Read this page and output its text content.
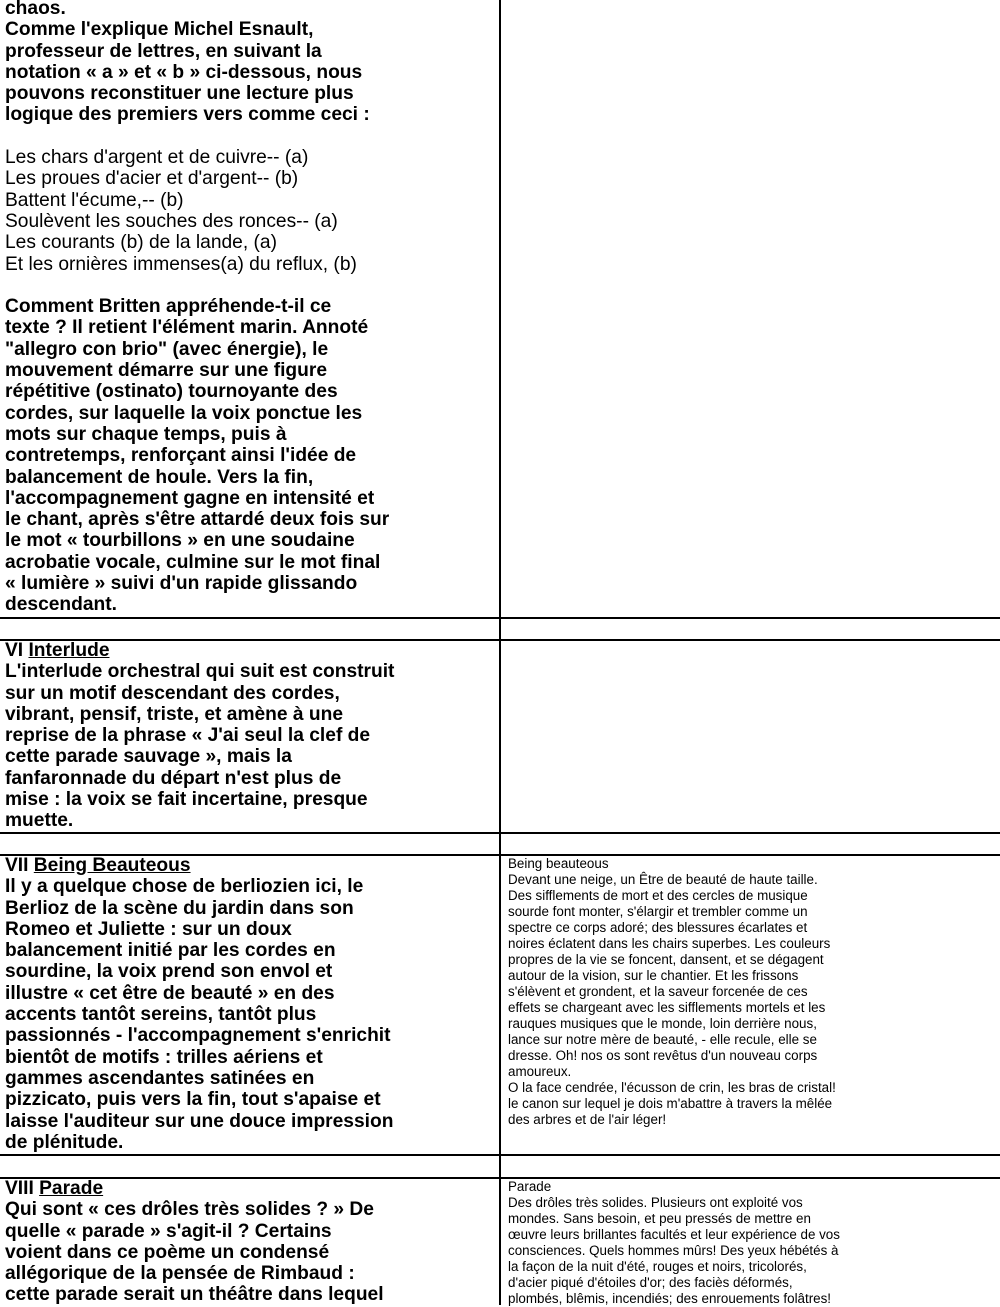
chaos.

Comme l'explique Michel Esnault,

professeur de lettres, en suivant la

notation « a » et « b » ci-dessous, nous

pouvons reconstituer une lecture plus

logique des premiers vers comme ceci :

Les chars d'argent et de cuivre-- (a)

Les proues d'acier et d'argent-- (b)

Battent l'écume,-- (b)

Soulèvent les souches des ronces-- (a)

Les courants (b) de la lande, (a)

Et les ornières immenses(a) du reflux, (b)

Comment Britten appréhende-t-il ce

texte ? Il retient l'élément marin. Annoté

"allegro con brio" (avec énergie), le

mouvement démarre sur une figure

répétitive (ostinato) tournoyante des

cordes, sur laquelle la voix ponctue les

mots sur chaque temps, puis à

contretemps, renforçant ainsi l'idée de

balancement de houle. Vers la fin,

l'accompagnement gagne en intensité et

le chant, après s'être attardé deux fois sur

le mot « tourbillons » en une soudaine

acrobatie vocale, culmine sur le mot final

« lumière » suivi d'un rapide glissando

descendant.

VI Interlude

L'interlude orchestral qui suit est construit

sur un motif descendant des cordes,

vibrant, pensif, triste, et amène à une

reprise de la phrase « J'ai seul la clef de

cette parade sauvage », mais la

fanfaronnade du départ n'est plus de

mise : la voix se fait incertaine, presque

muette.

VII Being Beauteous

Il y a quelque chose de berliozien ici, le

Berlioz de la scène du jardin dans son

Romeo et Juliette : sur un doux

balancement initié par les cordes en

sourdine, la voix prend son envol et

illustre « cet être de beauté » en des

accents tantôt sereins, tantôt plus

passionnés - l'accompagnement s'enrichit

bientôt de motifs : trilles aériens et

gammes ascendantes satinées en

pizzicato, puis vers la fin, tout s'apaise et

laisse l'auditeur sur une douce impression

de plénitude.

Being beauteous

Devant une neige, un Être de beauté de haute taille.

Des sifflements de mort et des cercles de musique

sourde font monter, s'élargir et trembler comme un

spectre ce corps adoré; des blessures écarlates et

noires éclatent dans les chairs superbes. Les couleurs

propres de la vie se foncent, dansent, et se dégagent

autour de la vision, sur le chantier. Et les frissons

s'élèvent et grondent, et la saveur forcenée de ces

effets se chargeant avec les sifflements mortels et les

rauques musiques que le monde, loin derrière nous,

lance sur notre mère de beauté, - elle recule, elle se

dresse. Oh! nos os sont revêtus d'un nouveau corps

amoureux.

O la face cendrée, l'écusson de crin, les bras de cristal!

le canon sur lequel je dois m'abattre à travers la mêlée

des arbres et de l'air léger!

VIII Parade

Qui sont « ces drôles très solides ? » De

quelle « parade » s'agit-il ? Certains

voient dans ce poème un condensé

allégorique de la pensée de Rimbaud :

cette parade serait un théâtre dans lequel

Parade

Des drôles très solides. Plusieurs ont exploité vos

mondes. Sans besoin, et peu pressés de mettre en

œuvre leurs brillantes facultés et leur expérience de vos

consciences. Quels hommes mûrs! Des yeux hébétés à

la façon de la nuit d'été, rouges et noirs, tricolorés,

d'acier piqué d'étoiles d'or; des faciès déformés,

plombés, blêmis, incendiés; des enrouements folâtres!
